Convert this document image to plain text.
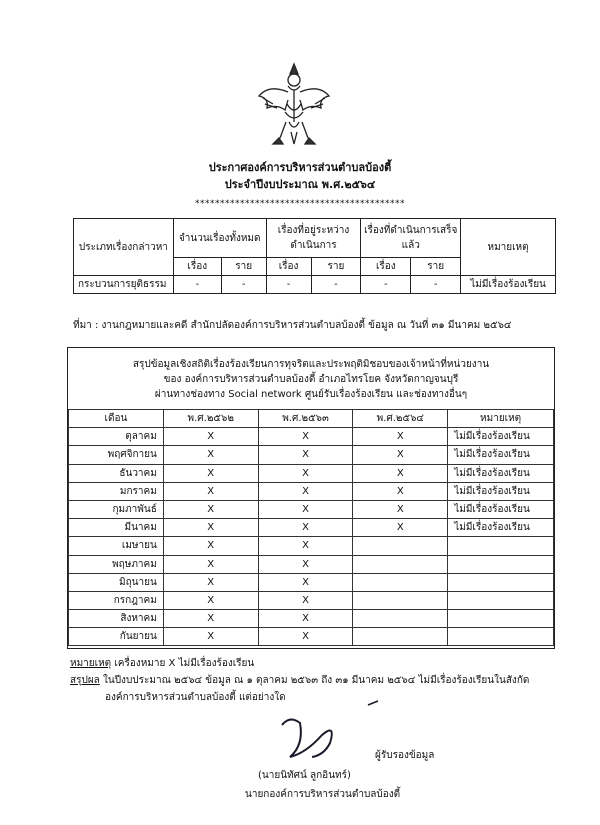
ประกาศองค์การบริหารส่วนตำบลบ้องตี้
ประจำปีงบประมาณ พ.ศ.๒๕๖๔
******************************************
ประเภทเรื่องกล่าวหา	จำนวนเรื่องทั้งหมด		เรื่องที่อยู่ระหว่างดำเนินการ		เรื่องที่ดำเนินการเสร็จแล้ว		หมายเหตุ
	เรื่อง	ราย	เรื่อง	ราย	เรื่อง	ราย	
กระบวนการยุติธรรม	-	-	-	-	-	-	ไม่มีเรื่องร้องเรียน
ที่มา : งานกฎหมายและคดี สำนักปลัดองค์การบริหารส่วนตำบลบ้องตี้ ข้อมูล ณ วันที่ ๓๑ มีนาคม ๒๕๖๔
สรุปข้อมูลเชิงสถิติเรื่องร้องเรียนการทุจริตและประพฤติมิชอบของเจ้าหน้าที่หน่วยงาน
ของ องค์การบริหารส่วนตำบลบ้องตี้ อำเภอไทรโยค จังหวัดกาญจนบุรี
ผ่านทางช่องทาง Social network ศูนย์รับเรื่องร้องเรียน และช่องทางอื่นๆ
เดือน	พ.ศ.๒๕๖๒	พ.ศ.๒๕๖๓	พ.ศ.๒๕๖๔	หมายเหตุ
ตุลาคม	X	X	X	ไม่มีเรื่องร้องเรียน
พฤศจิกายน	X	X	X	ไม่มีเรื่องร้องเรียน
ธันวาคม	X	X	X	ไม่มีเรื่องร้องเรียน
มกราคม	X	X	X	ไม่มีเรื่องร้องเรียน
กุมภาพันธ์	X	X	X	ไม่มีเรื่องร้องเรียน
มีนาคม	X	X	X	ไม่มีเรื่องร้องเรียน
เมษายน	X	X		
พฤษภาคม	X	X		
มิถุนายน	X	X		
กรกฎาคม	X	X		
สิงหาคม	X	X		
กันยายน	X	X		
หมายเหตุ เครื่องหมาย X ไม่มีเรื่องร้องเรียน
สรุปผล ในปีงบประมาณ ๒๕๖๔ ข้อมูล ณ ๑ ตุลาคม ๒๕๖๓ ถึง ๓๑ มีนาคม ๒๕๖๔ ไม่มีเรื่องร้องเรียนในสังกัด
องค์การบริหารส่วนตำบลบ้องตี้ แต่อย่างใด
ผู้รับรองข้อมูล
(นายนิทัศน์ ลูกอินทร์)
นายกองค์การบริหารส่วนตำบลบ้องตี้
